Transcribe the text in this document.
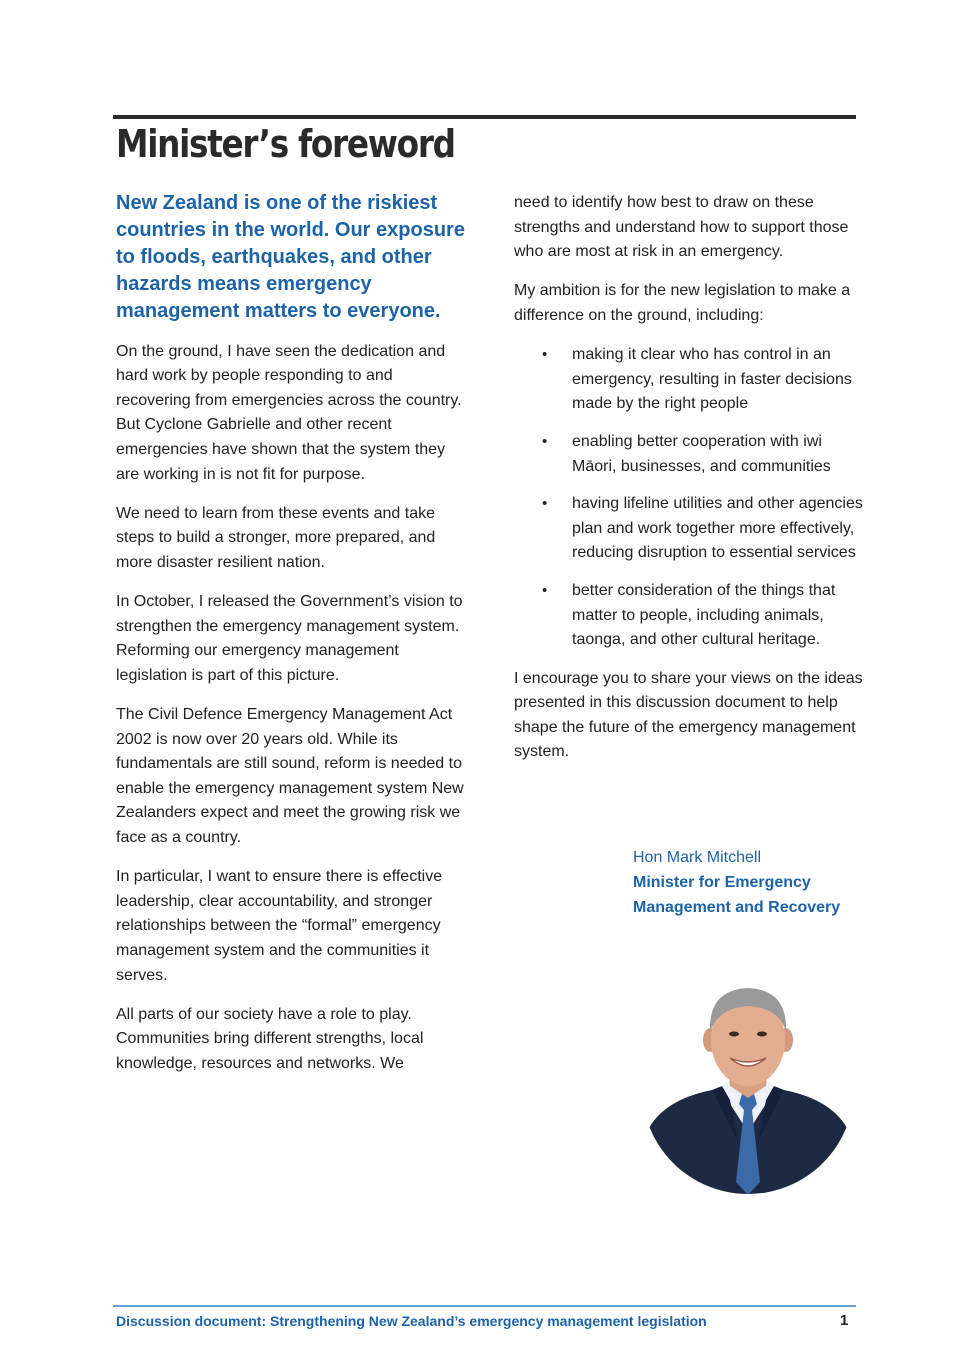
Minister’s foreword

New Zealand is one of the riskiest countries in the world. Our exposure to floods, earthquakes, and other hazards means emergency management matters to everyone.

On the ground, I have seen the dedication and hard work by people responding to and recovering from emergencies across the country. But Cyclone Gabrielle and other recent emergencies have shown that the system they are working in is not fit for purpose.

We need to learn from these events and take steps to build a stronger, more prepared, and more disaster resilient nation.

In October, I released the Government’s vision to strengthen the emergency management system. Reforming our emergency management legislation is part of this picture.

The Civil Defence Emergency Management Act 2002 is now over 20 years old. While its fundamentals are still sound, reform is needed to enable the emergency management system New Zealanders expect and meet the growing risk we face as a country.

In particular, I want to ensure there is effective leadership, clear accountability, and stronger relationships between the “formal” emergency management system and the communities it serves.

All parts of our society have a role to play. Communities bring different strengths, local knowledge, resources and networks. We

need to identify how best to draw on these strengths and understand how to support those who are most at risk in an emergency.

My ambition is for the new legislation to make a difference on the ground, including:

• making it clear who has control in an emergency, resulting in faster decisions made by the right people
• enabling better cooperation with iwi Māori, businesses, and communities
• having lifeline utilities and other agencies plan and work together more effectively, reducing disruption to essential services
• better consideration of the things that matter to people, including animals, taonga, and other cultural heritage.

I encourage you to share your views on the ideas presented in this discussion document to help shape the future of the emergency management system.

Hon Mark Mitchell
Minister for Emergency
Management and Recovery
Discussion document: Strengthening New Zealand’s emergency management legislation	1
